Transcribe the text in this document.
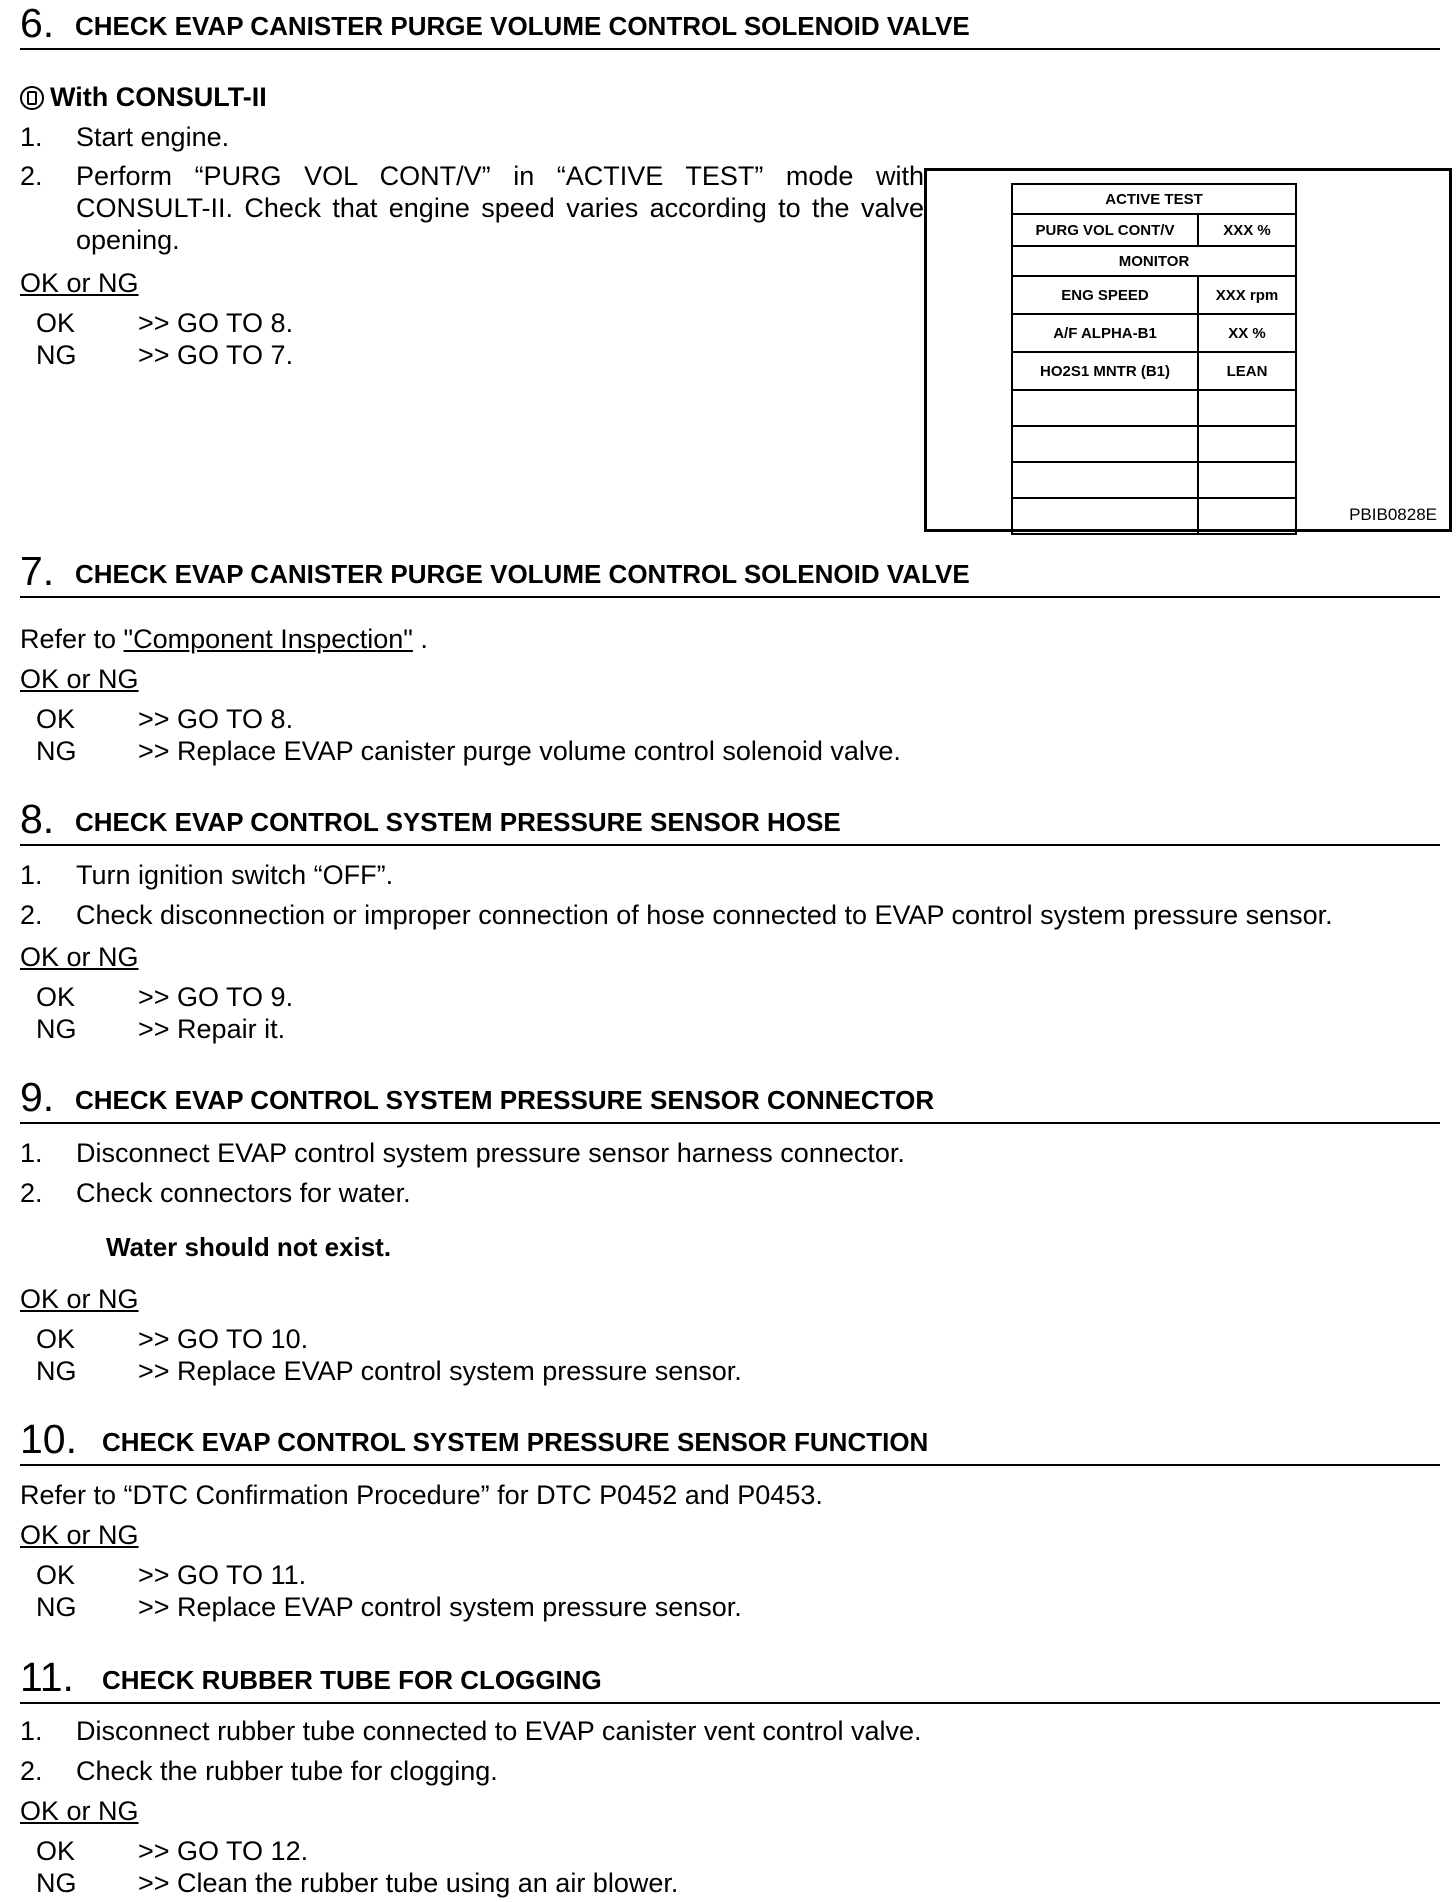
6. CHECK EVAP CANISTER PURGE VOLUME CONTROL SOLENOID VALVE
With CONSULT-II
1. Start engine.
2. Perform “PURG VOL CONT/V” in “ACTIVE TEST” mode with CONSULT-II. Check that engine speed varies according to the valve opening.
OK or NG
OK >> GO TO 8.
NG >> GO TO 7.
ACTIVE TEST	
PURG VOL CONT/V	XXX %
MONITOR	
ENG SPEED	XXX rpm
A/F ALPHA-B1	XX %
HO2S1 MNTR (B1)	LEAN

PBIB0828E
7. CHECK EVAP CANISTER PURGE VOLUME CONTROL SOLENOID VALVE
Refer to "Component Inspection" .
OK or NG
OK >> GO TO 8.
NG >> Replace EVAP canister purge volume control solenoid valve.
8. CHECK EVAP CONTROL SYSTEM PRESSURE SENSOR HOSE
1. Turn ignition switch “OFF”.
2. Check disconnection or improper connection of hose connected to EVAP control system pressure sensor.
OK or NG
OK >> GO TO 9.
NG >> Repair it.
9. CHECK EVAP CONTROL SYSTEM PRESSURE SENSOR CONNECTOR
1. Disconnect EVAP control system pressure sensor harness connector.
2. Check connectors for water.
Water should not exist.
OK or NG
OK >> GO TO 10.
NG >> Replace EVAP control system pressure sensor.
10. CHECK EVAP CONTROL SYSTEM PRESSURE SENSOR FUNCTION
Refer to “DTC Confirmation Procedure” for DTC P0452 and P0453.
OK or NG
OK >> GO TO 11.
NG >> Replace EVAP control system pressure sensor.
11. CHECK RUBBER TUBE FOR CLOGGING
1. Disconnect rubber tube connected to EVAP canister vent control valve.
2. Check the rubber tube for clogging.
OK or NG
OK >> GO TO 12.
NG >> Clean the rubber tube using an air blower.
